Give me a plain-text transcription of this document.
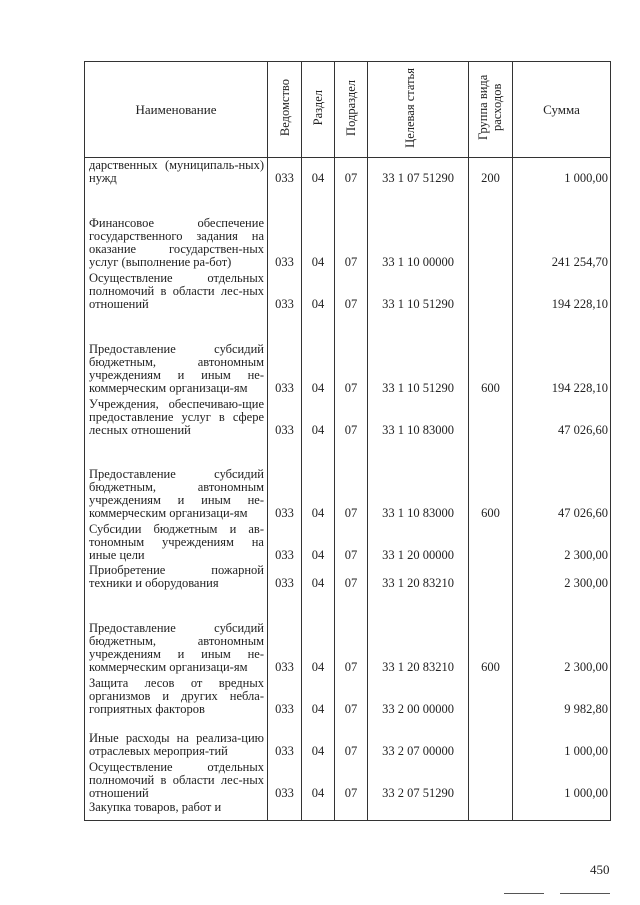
Наименование	Ведомство	Раздел	Подраздел	Целевая статья	Группа вида расходов	Сумма
дарственных (муниципаль-ных) нужд	033	04	07	33 1 07 51290	200	1 000,00
Финансовое обеспечение государственного задания на оказание государствен-ных услуг (выполнение ра-бот)	033	04	07	33 1 10 00000		241 254,70
Осуществление отдельных полномочий в области лес-ных отношений	033	04	07	33 1 10 51290		194 228,10
Предоставление субсидий бюджетным, автономным учреждениям и иным не-коммерческим организаци-ям	033	04	07	33 1 10 51290	600	194 228,10
Учреждения, обеспечиваю-щие предоставление услуг в сфере лесных отношений	033	04	07	33 1 10 83000		47 026,60
Предоставление субсидий бюджетным, автономным учреждениям и иным не-коммерческим организаци-ям	033	04	07	33 1 10 83000	600	47 026,60
Субсидии бюджетным и ав-тономным учреждениям на иные цели	033	04	07	33 1 20 00000		2 300,00
Приобретение пожарной техники и оборудования	033	04	07	33 1 20 83210		2 300,00
Предоставление субсидий бюджетным, автономным учреждениям и иным не-коммерческим организаци-ям	033	04	07	33 1 20 83210	600	2 300,00
Защита лесов от вредных организмов и других небла-гоприятных факторов	033	04	07	33 2 00 00000		9 982,80
Иные расходы на реализа-цию отраслевых мероприя-тий	033	04	07	33 2 07 00000		1 000,00
Осуществление отдельных полномочий в области лес-ных отношений	033	04	07	33 2 07 51290		1 000,00
Закупка товаров, работ и						
450
